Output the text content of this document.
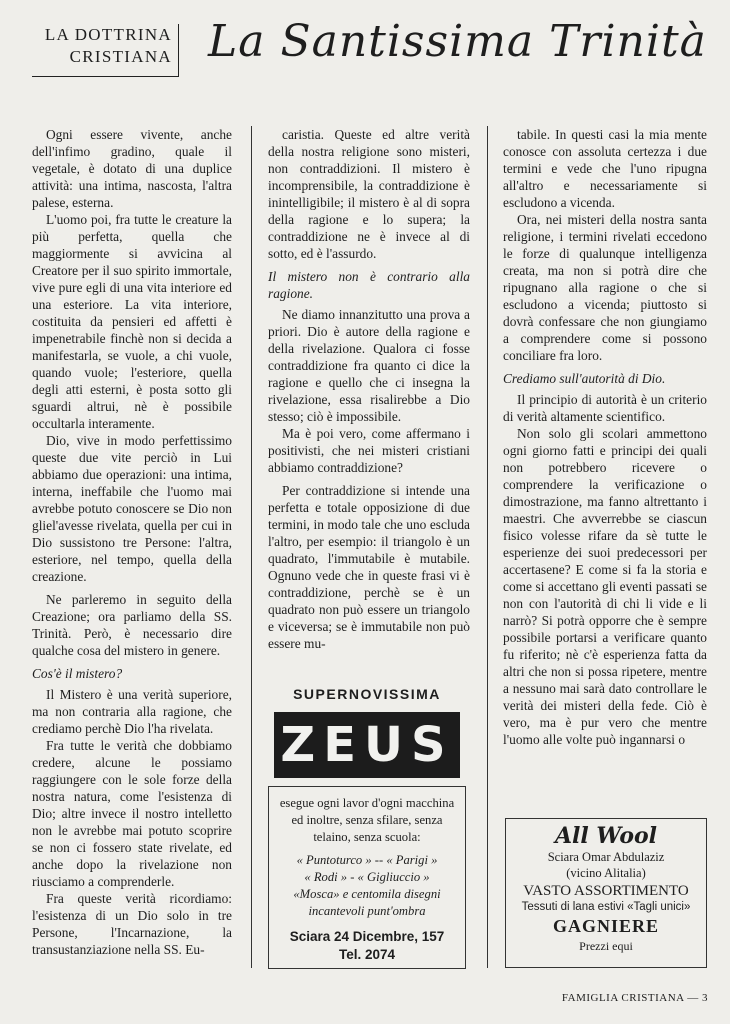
LA DOTTRINA
CRISTIANA La Santissima Trinità

Ogni essere vivente, anche dell'infimo gradino, quale il vegetale, è dotato di una duplice attività: una intima, nascosta, l'altra palese, esterna.

L'uomo poi, fra tutte le creature la più perfetta, quella che maggiormente si avvicina al Creatore per il suo spirito immortale, vive pure egli di una vita interiore ed una esteriore. La vita interiore, costituita da pensieri ed affetti è impenetrabile finchè non si decida a manifestarla, se vuole, a chi vuole, quando vuole; l'esteriore, quella degli atti esterni, è posta sotto gli sguardi altrui, nè è possibile occultarla interamente.

Dio, vive in modo perfettissimo queste due vite perciò in Lui abbiamo due operazioni: una intima, interna, ineffabile che l'uomo mai avrebbe potuto conoscere se Dio non gliel'avesse rivelata, quella per cui in Dio sussistono tre Persone: l'altra, esteriore, nel tempo, quella della creazione.

Ne parleremo in seguito della Creazione; ora parliamo della SS. Trinità. Però, è necessario dire qualche cosa del mistero in genere.

Cos'è il mistero?

Il Mistero è una verità superiore, ma non contraria alla ragione, che crediamo perchè Dio l'ha rivelata.

Fra tutte le verità che dobbiamo credere, alcune le possiamo raggiungere con le sole forze della nostra natura, come l'esistenza di Dio; altre invece il nostro intelletto non le avrebbe mai potuto scoprire se non ci fossero state rivelate, ed anche dopo la rivelazione non riusciamo a comprenderle.

Fra queste verità ricordiamo: l'esistenza di un Dio solo in tre Persone, l'Incarnazione, la transustanziazione nella SS. Eu-

caristia. Queste ed altre verità della nostra religione sono misteri, non contraddizioni. Il mistero è incomprensibile, la contraddizione è inintelligibile; il mistero è al di sopra della ragione e lo supera; la contraddizione ne è invece al di sotto, ed è l'assurdo.

Il mistero non è contrario alla ragione.

Ne diamo innanzitutto una prova a priori. Dio è autore della ragione e della rivelazione. Qualora ci fosse contraddizione fra quanto ci dice la ragione e quello che ci insegna la rivelazione, essa risalirebbe a Dio stesso; ciò è impossibile.

Ma è poi vero, come affermano i positivisti, che nei misteri cristiani abbiamo contraddizione?

Per contraddizione si intende una perfetta e totale opposizione di due termini, in modo tale che uno escluda l'altro, per esempio: il triangolo è un quadrato, l'immutabile è mutabile. Ognuno vede che in queste frasi vi è contraddizione, perchè se è un quadrato non può essere un triangolo e viceversa; se è immutabile non può essere mu-

tabile. In questi casi la mia mente conosce con assoluta certezza i due termini e vede che l'uno ripugna all'altro e necessariamente si escludono a vicenda.

Ora, nei misteri della nostra santa religione, i termini rivelati eccedono le forze di qualunque intelligenza creata, ma non si potrà dire che ripugnano alla ragione o che si escludono a vicenda; piuttosto si dovrà confessare che non giungiamo a comprendere come si possono conciliare fra loro.

Crediamo sull'autorità di Dio.

Il principio di autorità è un criterio di verità altamente scientifico.

Non solo gli scolari ammettono ogni giorno fatti e principi dei quali non potrebbero ricevere o comprendere la verificazione o dimostrazione, ma fanno altrettanto i maestri. Che avverrebbe se ciascun fisico volesse rifare da sè tutte le esperienze dei suoi predecessori per accertasene? E come si fa la storia e come si accettano gli eventi passati se non con l'autorità di chi li vide e li narrò? Si potrà opporre che è sempre possibile portarsi a verificare quanto fu riferito; nè c'è esperienza fatta da altri che non si possa ripetere, mentre a nessuno mai sarà dato controllare le verità dei misteri della fede. Ciò è vero, ma è pur vero che mentre l'uomo alle volte può ingannarsi o

SUPERNOVISSIMA
ZEUS
esegue ogni lavor d'ogni macchina ed inoltre, senza sfilare, senza telaino, senza scuola:
« Puntoturco » -- « Parigi »
« Rodi » - « Gigliuccio »
«Mosca» e centomila disegni incantevoli punt'ombra
Sciara 24 Dicembre, 157
Tel. 2074
All Wool
Sciara Omar Abdulaziz
(vicino Alitalia)
VASTO ASSORTIMENTO
Tessuti di lana estivi «Tagli unici»
GAGNIERE
Prezzi equi
FAMIGLIA CRISTIANA — 3
